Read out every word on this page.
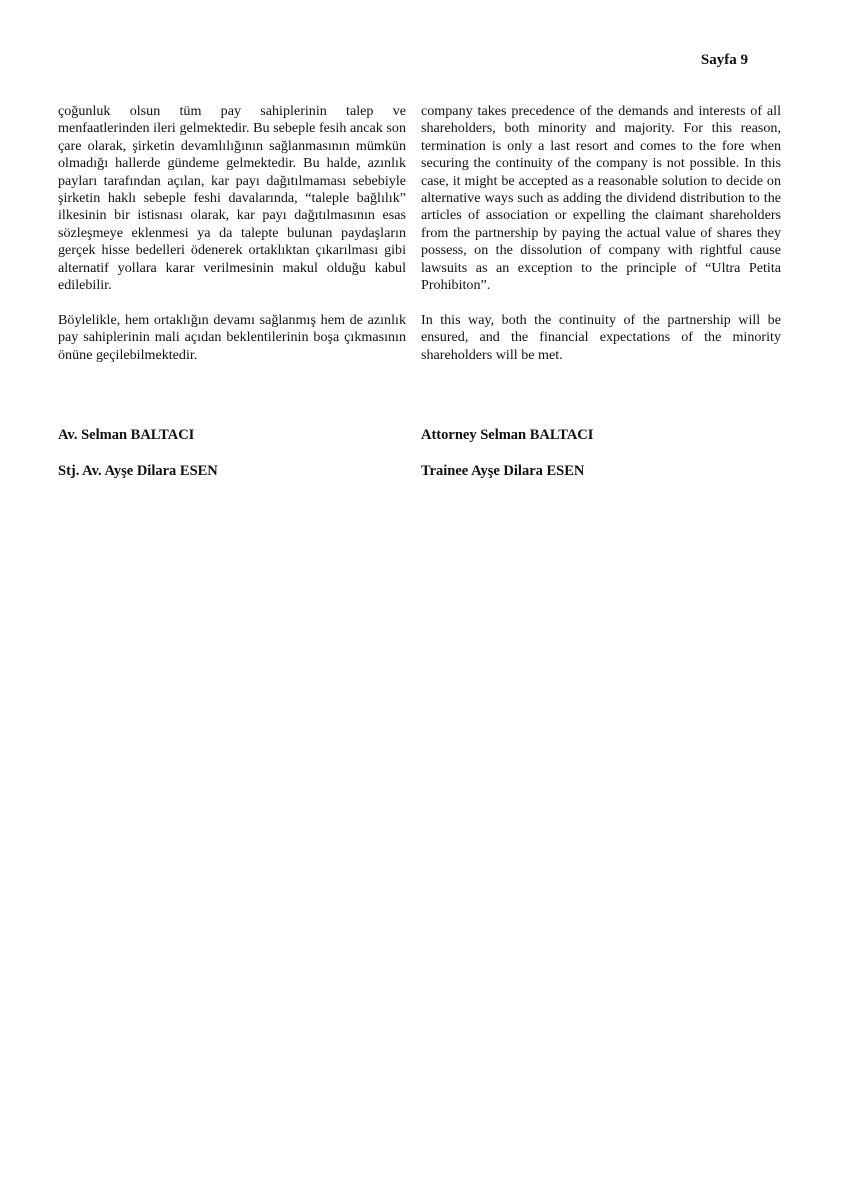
Sayfa 9

çoğunluk olsun tüm pay sahiplerinin talep ve menfaatlerinden ileri gelmektedir. Bu sebeple fesih ancak son çare olarak, şirketin devamlılığının sağlanmasının mümkün olmadığı hallerde gündeme gelmektedir. Bu halde, azınlık payları tarafından açılan, kar payı dağıtılmaması sebebiyle şirketin haklı sebeple feshi davalarında, “taleple bağlılık” ilkesinin bir istisnası olarak, kar payı dağıtılmasının esas sözleşmeye eklenmesi ya da talepte bulunan paydaşların gerçek hisse bedelleri ödenerek ortaklıktan çıkarılması gibi alternatif yollara karar verilmesinin makul olduğu kabul edilebilir.

Böylelikle, hem ortaklığın devamı sağlanmış hem de azınlık pay sahiplerinin mali açıdan beklentilerinin boşa çıkmasının önüne geçilebilmektedir.

company takes precedence of the demands and interests of all shareholders, both minority and majority. For this reason, termination is only a last resort and comes to the fore when securing the continuity of the company is not possible. In this case, it might be accepted as a reasonable solution to decide on alternative ways such as adding the dividend distribution to the articles of association or expelling the claimant shareholders from the partnership by paying the actual value of shares they possess, on the dissolution of company with rightful cause lawsuits as an exception to the principle of “Ultra Petita Prohibiton”.

In this way, both the continuity of the partnership will be ensured, and the financial expectations of the minority shareholders will be met.

Av. Selman BALTACI

Stj. Av. Ayşe Dilara ESEN

Attorney Selman BALTACI

Trainee Ayşe Dilara ESEN
